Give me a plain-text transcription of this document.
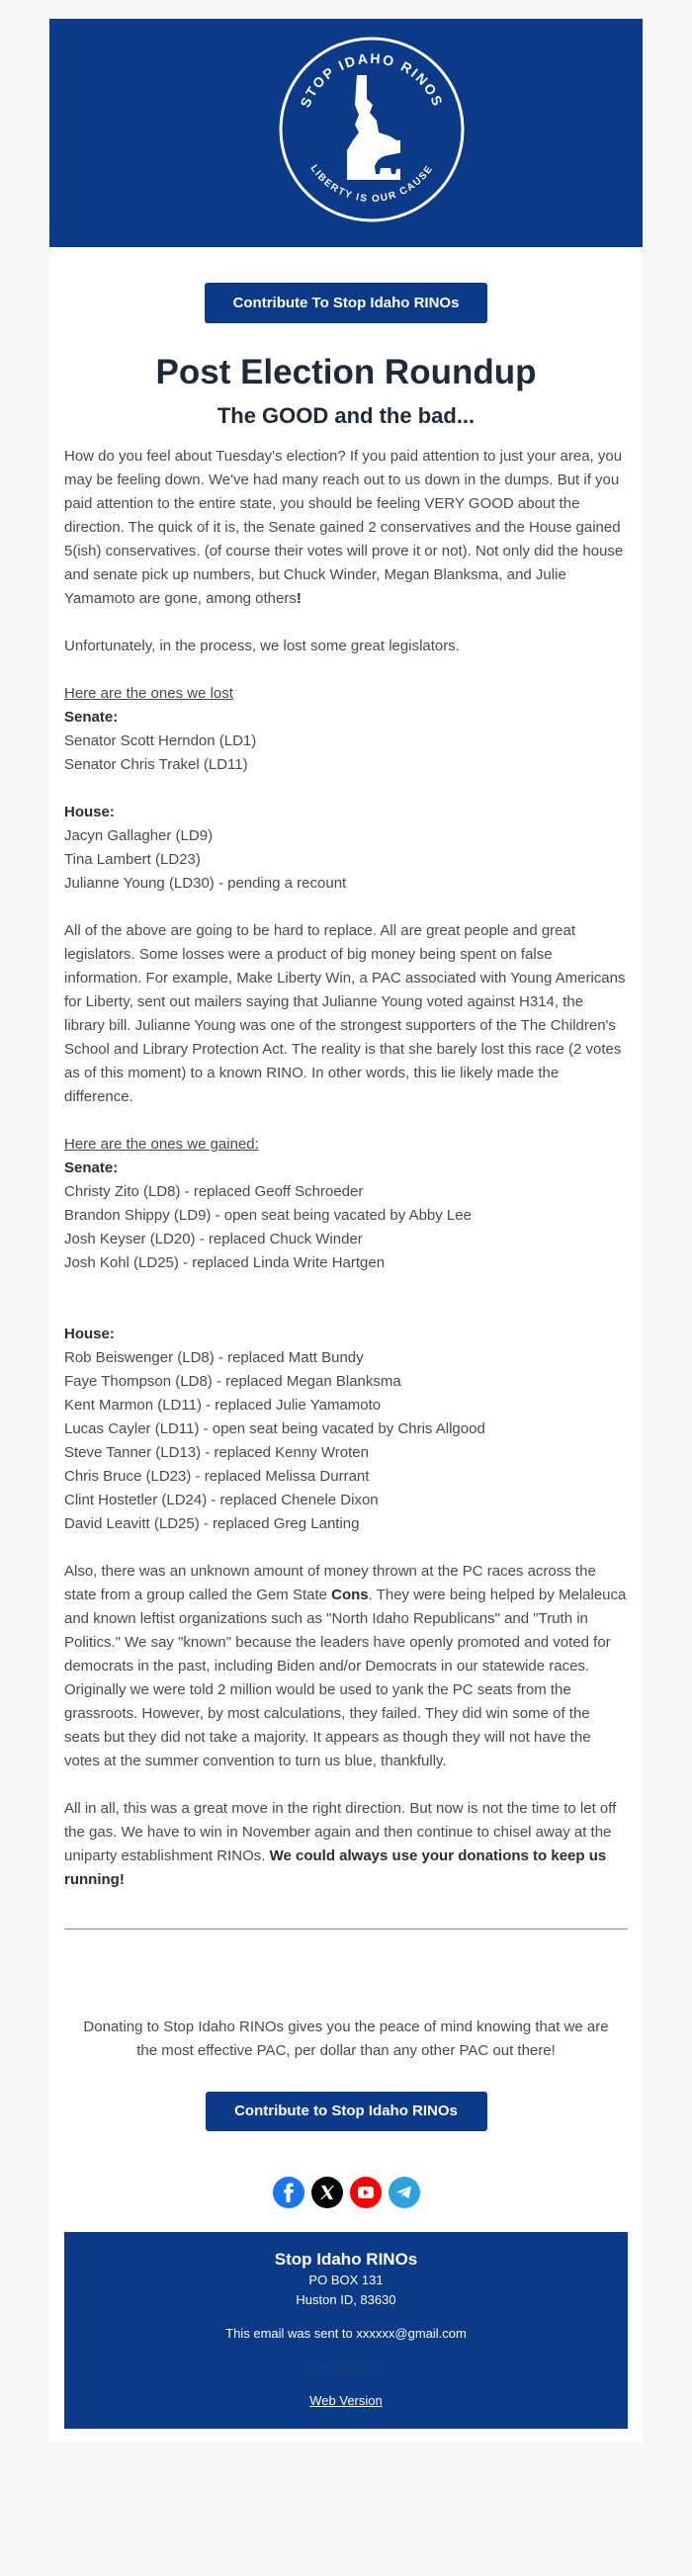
STOP IDAHO RINOS
LIBERTY IS OUR CAUSE
Contribute To Stop Idaho RINOs
Post Election Roundup
The GOOD and the bad...

How do you feel about Tuesday's election? If you paid attention to just your area, you may be feeling down. We've had many reach out to us down in the dumps. But if you paid attention to the entire state, you should be feeling VERY GOOD about the direction. The quick of it is, the Senate gained 2 conservatives and the House gained 5(ish) conservatives. (of course their votes will prove it or not). Not only did the house and senate pick up numbers, but Chuck Winder, Megan Blanksma, and Julie Yamamoto are gone, among others!

Unfortunately, in the process, we lost some great legislators.

Here are the ones we lost
Senate:
Senator Scott Herndon (LD1)
Senator Chris Trakel (LD11)
House:
Jacyn Gallagher (LD9)
Tina Lambert (LD23)
Julianne Young (LD30) - pending a recount

All of the above are going to be hard to replace. All are great people and great legislators. Some losses were a product of big money being spent on false information. For example, Make Liberty Win, a PAC associated with Young Americans for Liberty, sent out mailers saying that Julianne Young voted against H314, the library bill. Julianne Young was one of the strongest supporters of the The Children's School and Library Protection Act. The reality is that she barely lost this race (2 votes as of this moment) to a known RINO. In other words, this lie likely made the difference.

Here are the ones we gained:
Senate:
Christy Zito (LD8) - replaced Geoff Schroeder
Brandon Shippy (LD9) - open seat being vacated by Abby Lee
Josh Keyser (LD20) - replaced Chuck Winder
Josh Kohl (LD25) - replaced Linda Write Hartgen
House:
Rob Beiswenger (LD8) - replaced Matt Bundy
Faye Thompson (LD8) - replaced Megan Blanksma
Kent Marmon (LD11) - replaced Julie Yamamoto
Lucas Cayler (LD11) - open seat being vacated by Chris Allgood
Steve Tanner (LD13) - replaced Kenny Wroten
Chris Bruce (LD23) - replaced Melissa Durrant
Clint Hostetler (LD24) - replaced Chenele Dixon
David Leavitt (LD25) - replaced Greg Lanting

Also, there was an unknown amount of money thrown at the PC races across the state from a group called the Gem State Cons. They were being helped by Melaleuca and known leftist organizations such as "North Idaho Republicans" and "Truth in Politics." We say "known" because the leaders have openly promoted and voted for democrats in the past, including Biden and/or Democrats in our statewide races. Originally we were told 2 million would be used to yank the PC seats from the grassroots. However, by most calculations, they failed. They did win some of the seats but they did not take a majority. It appears as though they will not have the votes at the summer convention to turn us blue, thankfully.

All in all, this was a great move in the right direction. But now is not the time to let off the gas. We have to win in November again and then continue to chisel away at the uniparty establishment RINOs. We could always use your donations to keep us running!

Donating to Stop Idaho RINOs gives you the peace of mind knowing that we are the most effective PAC, per dollar than any other PAC out there!
Contribute to Stop Idaho RINOs
Stop Idaho RINOs
PO BOX 131
Huston ID, 83630
This email was sent to xxxxxx@gmail.com
Unsubscribe
Web Version
